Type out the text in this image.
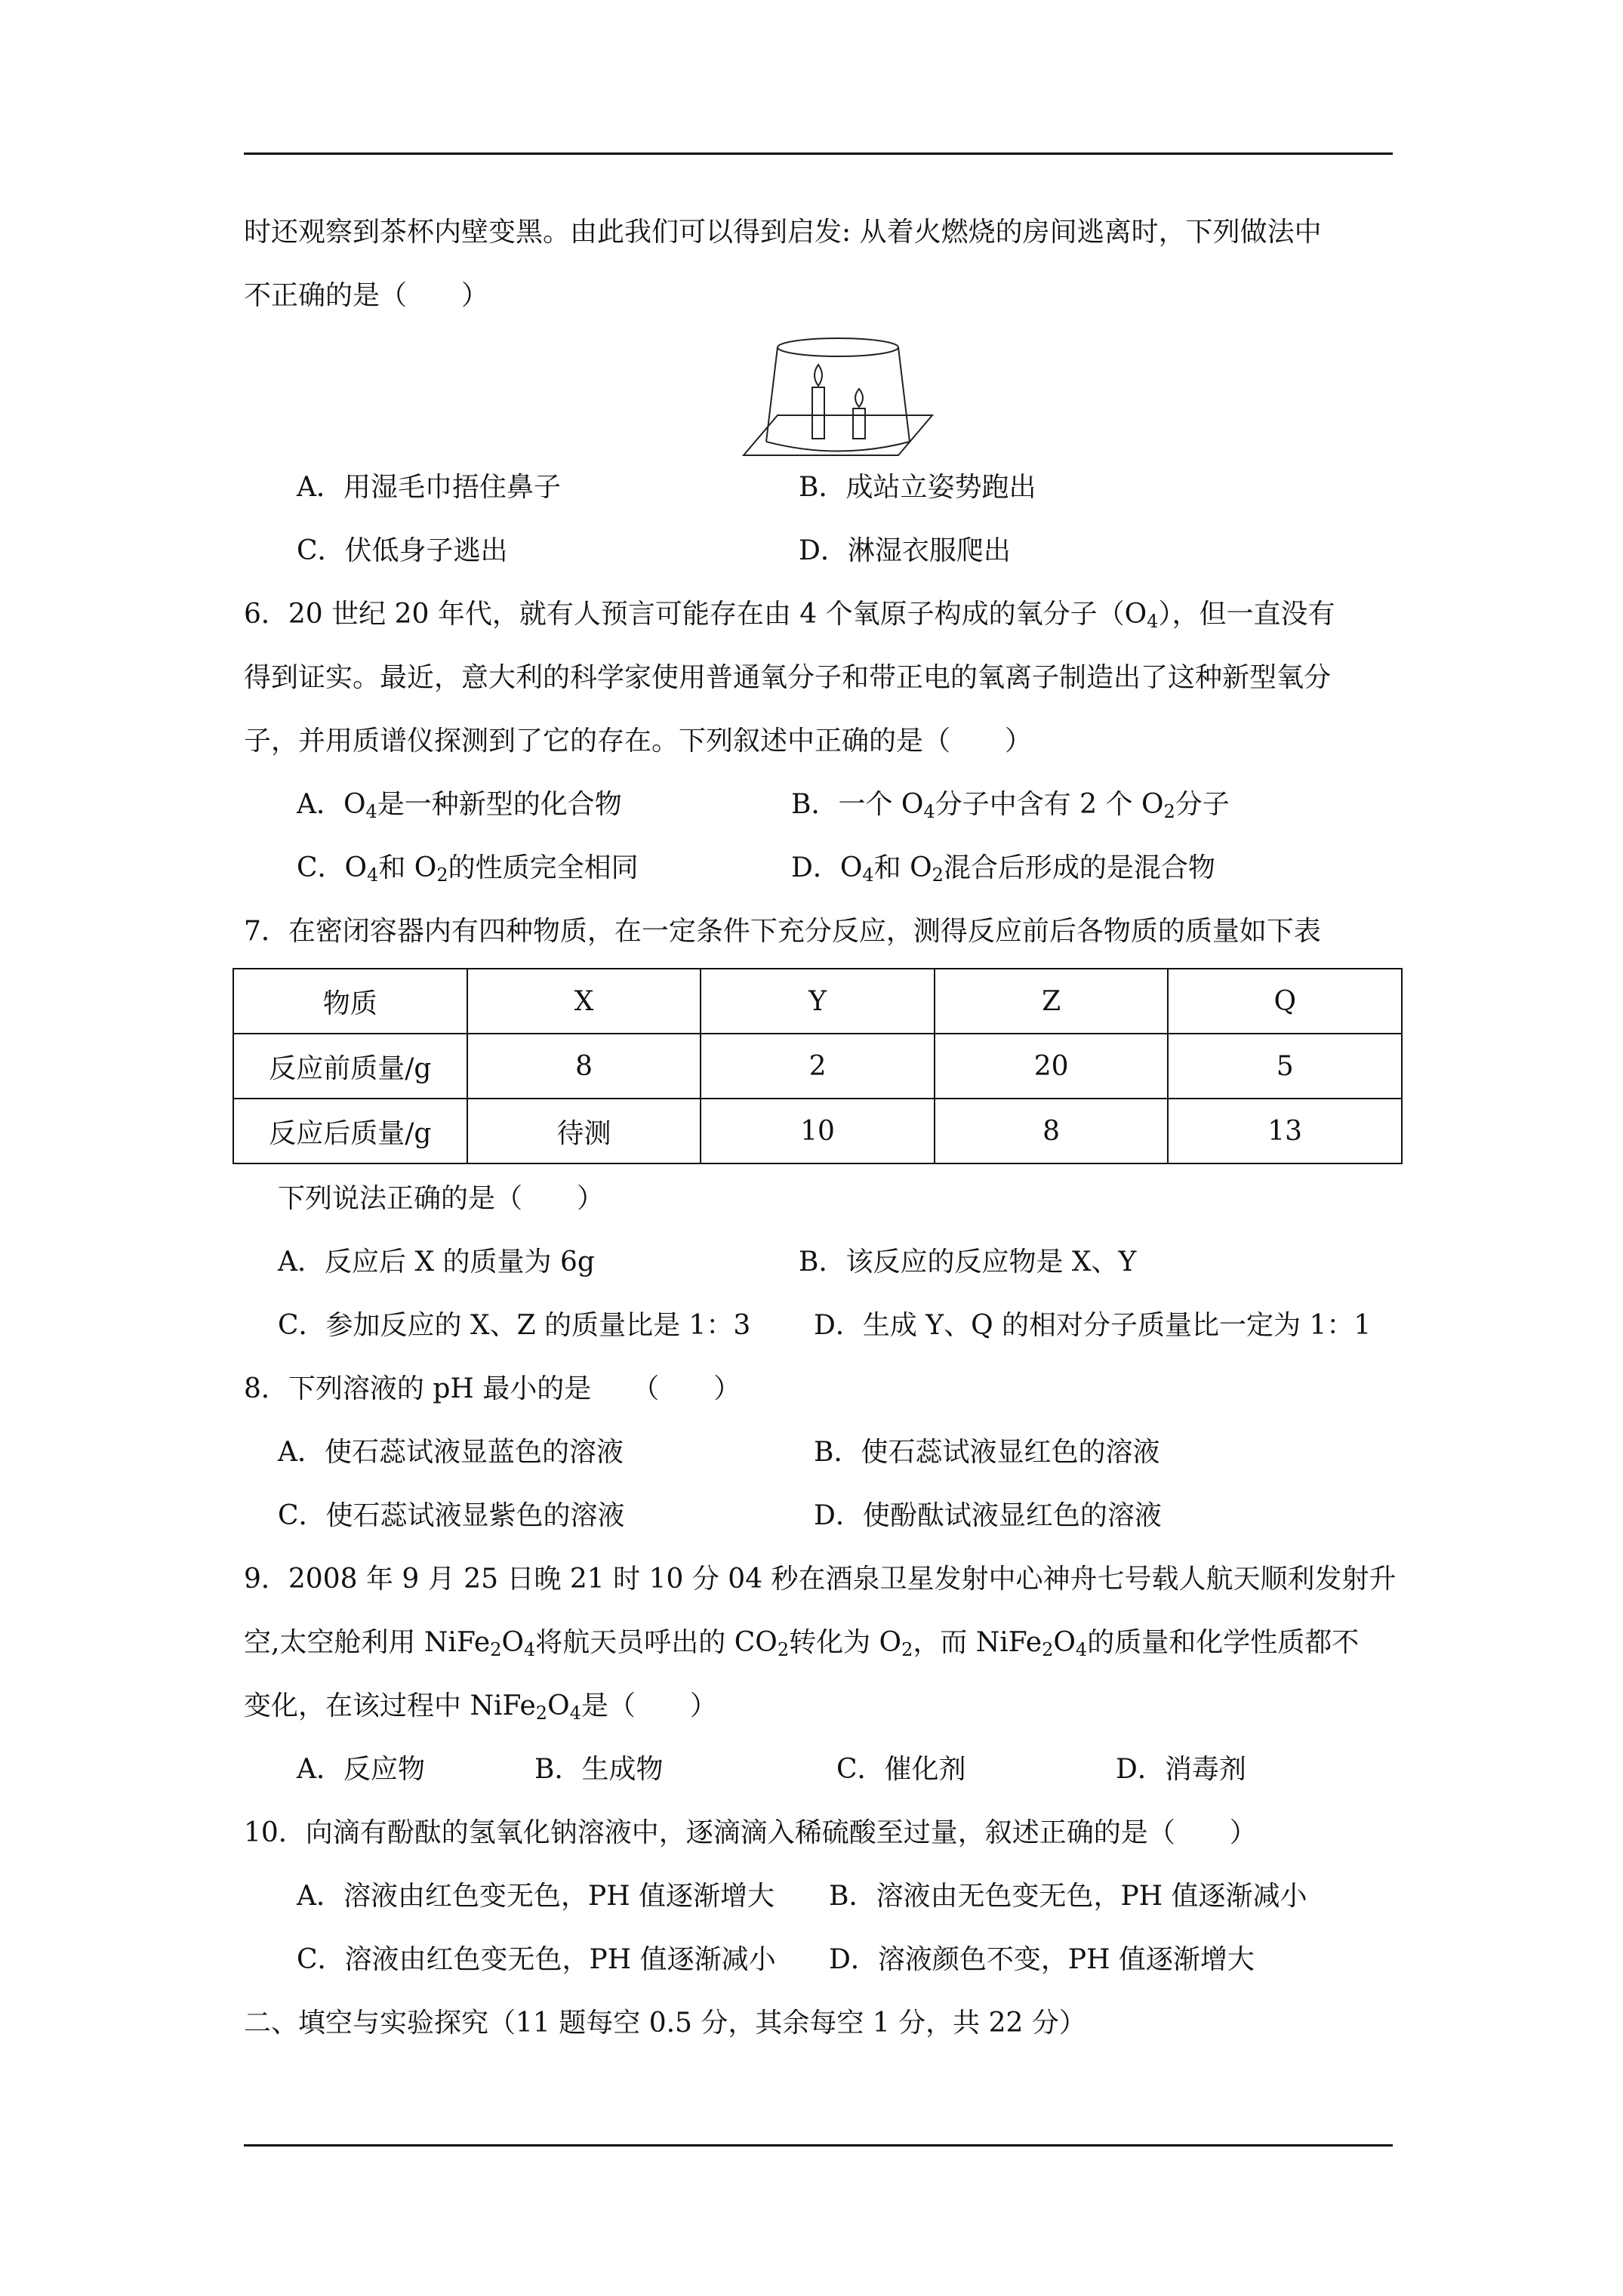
时还观察到茶杯内壁变黑。由此我们可以得到启发: 从着火燃烧的房间逃离时，下列做法中
不正确的是（　　）
A．用湿毛巾捂住鼻子	B．成站立姿势跑出
C．伏低身子逃出	D．淋湿衣服爬出
6．20 世纪 20 年代，就有人预言可能存在由 4 个氧原子构成的氧分子$(O_4)$，但一直没有
得到证实。最近，意大利的科学家使用普通氧分子和带正电的氧离子制造出了这种新型氧分
子，并用质谱仪探测到了它的存在。下列叙述中正确的是（　　）
A．$O_4$是一种新型的化合物	B．一个 $O_4$分子中含有 2 个 $O_2$分子
C．$O_4$和 $O_2$的性质完全相同	D．$O_4$和 $O_2$混合后形成的是混合物
7．在密闭容器内有四种物质，在一定条件下充分反应，测得反应前后各物质的质量如下表
物质	X	Y	Z	Q
反应前质量/g	8	2	20	5
反应后质量/g	待测	10	8	13
下列说法正确的是（　　）
A．反应后 X 的质量为 6g	B．该反应的反应物是 X、Y
C．参加反应的 X、Z 的质量比是 1：3 D．生成 Y、Q 的相对分子质量比一定为 1：1
8．下列溶液的 pH 最小的是　　（　　）
A．使石蕊试液显蓝色的溶液	B．使石蕊试液显红色的溶液
C．使石蕊试液显紫色的溶液	D．使酚酞试液显红色的溶液
9．2008 年 9 月 25 日晚 21 时 10 分 04 秒在酒泉卫星发射中心神舟七号载人航天顺利发射升
空,太空舱利用 $NiFe_2O_4$将航天员呼出的 $CO_2$转化为 $O_2$，而 $NiFe_2O_4$的质量和化学性质都不
变化，在该过程中 $NiFe_2O_4$是（　　）
A．反应物	B．生成物	C．催化剂	D．消毒剂
10．向滴有酚酞的氢氧化钠溶液中，逐滴滴入稀硫酸至过量，叙述正确的是（　　）
A．溶液由红色变无色，PH 值逐渐增大 B．溶液由无色变无色，PH 值逐渐减小
C．溶液由红色变无色，PH 值逐渐减小 D．溶液颜色不变，PH 值逐渐增大
二、填空与实验探究（11 题每空 0.5 分，其余每空 1 分，共 22 分）
